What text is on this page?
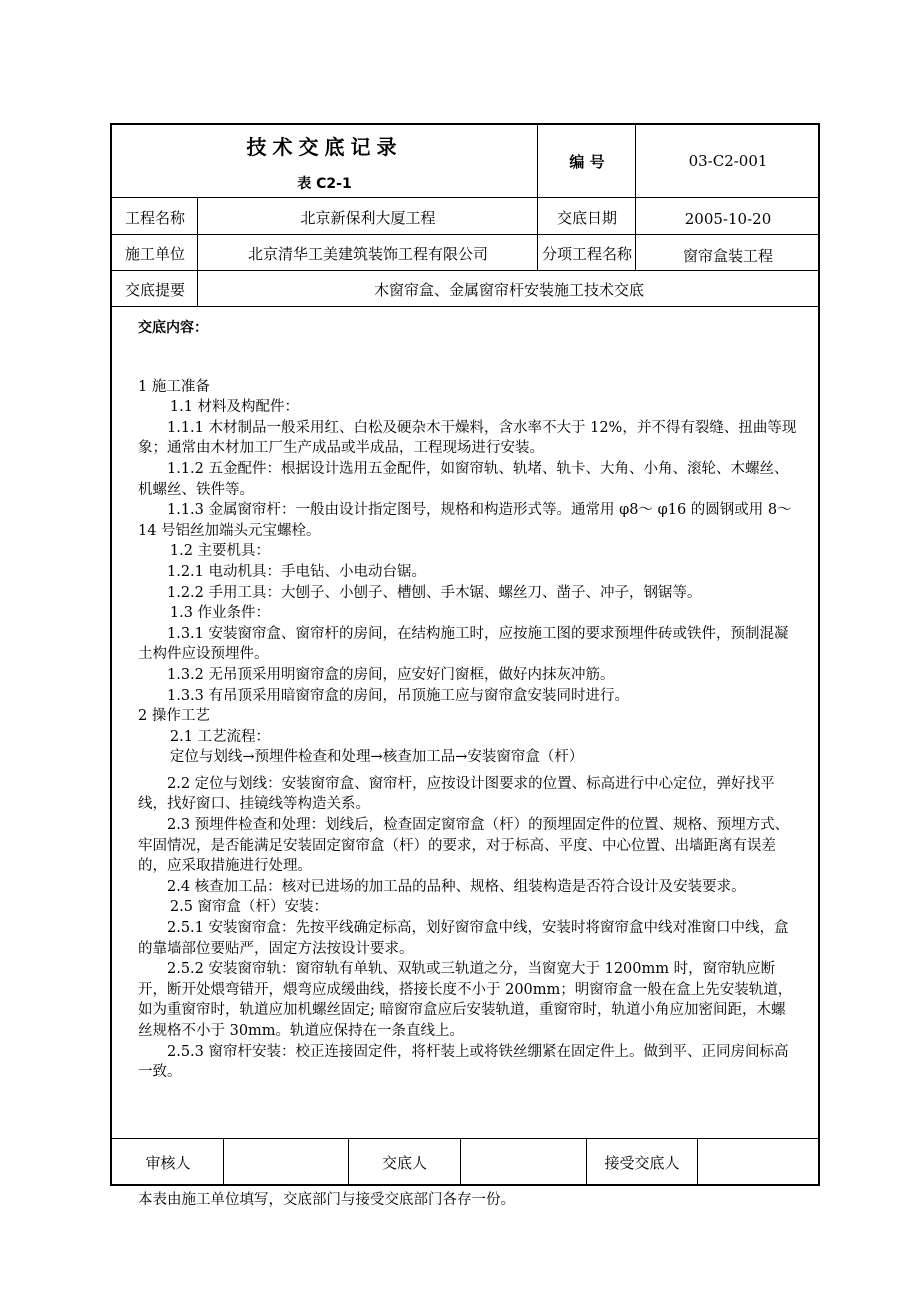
技术交底记录
表 C2-1
编 号	03-C2-001
工程名称	北京新保利大厦工程	交底日期	2005-10-20
施工单位	北京清华工美建筑装饰工程有限公司	分项工程名称	窗帘盒装工程
交底提要	木窗帘盒、金属窗帘杆安装施工技术交底
审核人	交底人	接受交底人

交底内容：

1 施工准备

1.1 材料及构配件：

1.1.1 木材制品一般采用红、白松及硬杂木干燥料，含水率不大于 12%，并不得有裂缝、扭曲等现象；通常由木材加工厂生产成品或半成品，工程现场进行安装。

1.1.2 五金配件：根据设计选用五金配件，如窗帘轨、轨堵、轨卡、大角、小角、滚轮、木螺丝、机螺丝、铁件等。

1.1.3 金属窗帘杆：一般由设计指定图号，规格和构造形式等。通常用 φ8～ φ16 的圆钢或用 8～14 号铝丝加端头元宝螺栓。

1.2 主要机具：

1.2.1 电动机具：手电钻、小电动台锯。

1.2.2 手用工具：大刨子、小刨子、槽刨、手木锯、螺丝刀、凿子、冲子，钢锯等。

1.3 作业条件：

1.3.1 安装窗帘盒、窗帘杆的房间，在结构施工时，应按施工图的要求预埋件砖或铁件，预制混凝土构件应设预埋件。

1.3.2 无吊顶采用明窗帘盒的房间，应安好门窗框，做好内抹灰冲筋。

1.3.3 有吊顶采用暗窗帘盒的房间，吊顶施工应与窗帘盒安装同时进行。

2 操作工艺

2.1 工艺流程：

定位与划线→预埋件检查和处理→核查加工品→安装窗帘盒（杆）

2.2 定位与划线：安装窗帘盒、窗帘杆，应按设计图要求的位置、标高进行中心定位，弹好找平线，找好窗口、挂镜线等构造关系。

2.3 预埋件检查和处理：划线后，检查固定窗帘盒（杆）的预埋固定件的位置、规格、预埋方式、牢固情况，是否能满足安装固定窗帘盒（杆）的要求，对于标高、平度、中心位置、出墙距离有误差的，应采取措施进行处理。

2.4 核查加工品：核对已进场的加工品的品种、规格、组装构造是否符合设计及安装要求。

2.5 窗帘盒（杆）安装：

2.5.1 安装窗帘盒：先按平线确定标高，划好窗帘盒中线，安装时将窗帘盒中线对准窗口中线，盒的靠墙部位要贴严，固定方法按设计要求。

2.5.2 安装窗帘轨：窗帘轨有单轨、双轨或三轨道之分，当窗宽大于 1200mm 时，窗帘轨应断开，断开处煨弯错开，煨弯应成缓曲线，搭接长度不小于 200mm；明窗帘盒一般在盒上先安装轨道，如为重窗帘时，轨道应加机螺丝固定; 暗窗帘盒应后安装轨道，重窗帘时，轨道小角应加密间距，木螺丝规格不小于 30mm。轨道应保持在一条直线上。

2.5.3 窗帘杆安装：校正连接固定件，将杆装上或将铁丝绷紧在固定件上。做到平、正同房间标高一致。

本表由施工单位填写，交底部门与接受交底部门各存一份。
